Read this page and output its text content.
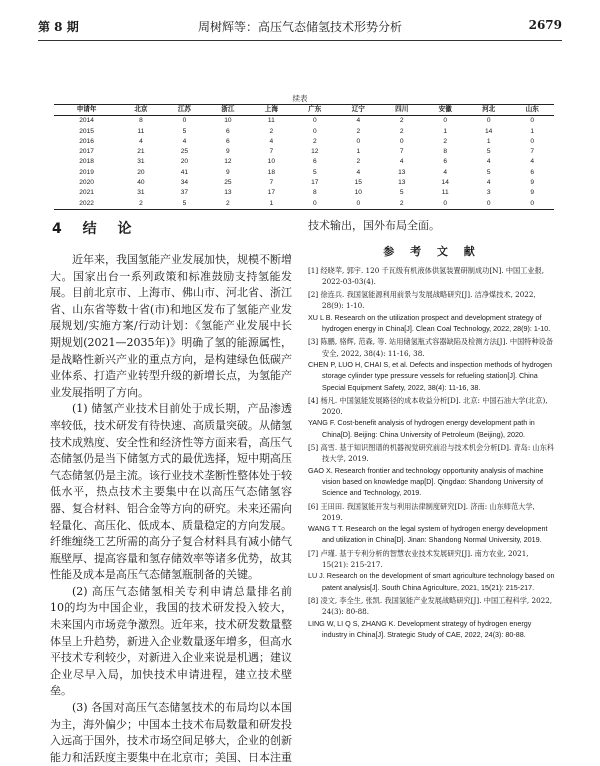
第 8 期	周树辉等：高压气态储氢技术形势分析	2679
续表
申请年	北京	江苏	浙江	上海	广东	辽宁	四川	安徽	河北	山东
2014	8	0	10	11	0	4	2	0	0	0
2015	11	5	6	2	0	2	2	1	14	1
2016	4	4	6	4	2	0	0	2	1	0
2017	21	25	9	7	12	1	7	8	5	7
2018	31	20	12	10	6	2	4	6	4	4
2019	20	41	9	18	5	4	13	4	5	6
2020	40	34	25	7	17	15	13	14	4	9
2021	31	37	13	17	8	10	5	11	3	9
2022	2	5	2	1	0	0	2	0	0	0
4 结 论

近年来，我国氢能产业发展加快，规模不断增大。国家出台一系列政策和标准鼓励支持氢能发展。目前北京市、上海市、佛山市、河北省、浙江省、山东省等数十省(市)和地区发布了氢能产业发展规划/实施方案/行动计划：《氢能产业发展中长期规划(2021—2035年)》明确了氢的能源属性，是战略性新兴产业的重点方向，是构建绿色低碳产业体系、打造产业转型升级的新增长点，为氢能产业发展指明了方向。

(1) 储氢产业技术目前处于成长期，产品渗透率较低，技术研发有待快速、高质量突破。从储氢技术成熟度、安全性和经济性等方面来看，高压气态储氢仍是当下储氢方式的最优选择，短中期高压气态储氢仍是主流。该行业技术垄断性整体处于较低水平，热点技术主要集中在以高压气态储氢容器、复合材料、铝合金等方向的研究。未来还需向轻量化、高压化、低成本、质量稳定的方向发展。纤维缠绕工艺所需的高分子复合材料具有减小储气瓶壁厚、提高容量和氢存储效率等诸多优势，故其性能及成本是高压气态储氢瓶制备的关键。

(2) 高压气态储氢相关专利申请总量排名前10的均为中国企业，我国的技术研发投入较大，未来国内市场竞争激烈。近年来，技术研发数量整体呈上升趋势，新进入企业数量逐年增多，但高水平技术专利较少，对新进入企业来说是机遇；建议企业尽早入局，加快技术申请进程，建立技术壁垒。

(3) 各国对高压气态储氢技术的布局均以本国为主，海外偏少；中国本土技术布局数量和研发投入远高于国外，技术市场空间足够大，企业的创新能力和活跃度主要集中在北京市；美国、日本注重

技术输出，国外布局全面。

参 考 文 献
[1] 经晓苹, 郭宇. 120 千瓦级有机液体供氢装置研制成功[N]. 中国工业报, 2022-03-03(4).
[2] 徐连兵. 我国氢能源利用前景与发展战略研究[J]. 洁净煤技术, 2022, 28(9): 1-10.
XU L B. Research on the utilization prospect and development strategy of hydrogen energy in China[J]. Clean Coal Technology, 2022, 28(9): 1-10.
[3] 陈鹏, 骆辉, 范森, 等. 站用储氢瓶式容器缺陷及检测方法[J]. 中国特种设备安全, 2022, 38(4): 11-16, 38.
CHEN P, LUO H, CHAI S, et al. Defects and inspection methods of hydrogen storage cylinder type pressure vessels for refueling station[J]. China Special Equipment Safety, 2022, 38(4): 11-16, 38.
[4] 杨凡. 中国氢能发展路径的成本收益分析[D]. 北京: 中国石油大学(北京), 2020.
YANG F. Cost-benefit analysis of hydrogen energy development path in China[D]. Beijing: China University of Petroleum (Beijing), 2020.
[5] 高雪. 基于知识图谱的机器视觉研究前沿与技术机会分析[D]. 青岛: 山东科技大学, 2019.
GAO X. Research frontier and technology opportunity analysis of machine vision based on knowledge map[D]. Qingdao: Shandong University of Science and Technology, 2019.
[6] 王田田. 我国氢能开发与利用法律制度研究[D]. 济南: 山东师范大学, 2019.
WANG T T. Research on the legal system of hydrogen energy development and utilization in China[D]. Jinan: Shandong Normal University, 2019.
[7] 卢瑾. 基于专利分析的智慧农业技术发展研究[J]. 南方农业, 2021, 15(21): 215-217.
LU J. Research on the development of smart agriculture technology based on patent analysis[J]. South China Agriculture, 2021, 15(21): 215-217.
[8] 凌文, 李全生, 张凯. 我国氢能产业发展战略研究[J]. 中国工程科学, 2022, 24(3): 80-88.
LING W, LI Q S, ZHANG K. Development strategy of hydrogen energy industry in China[J]. Strategic Study of CAE, 2022, 24(3): 80-88.
